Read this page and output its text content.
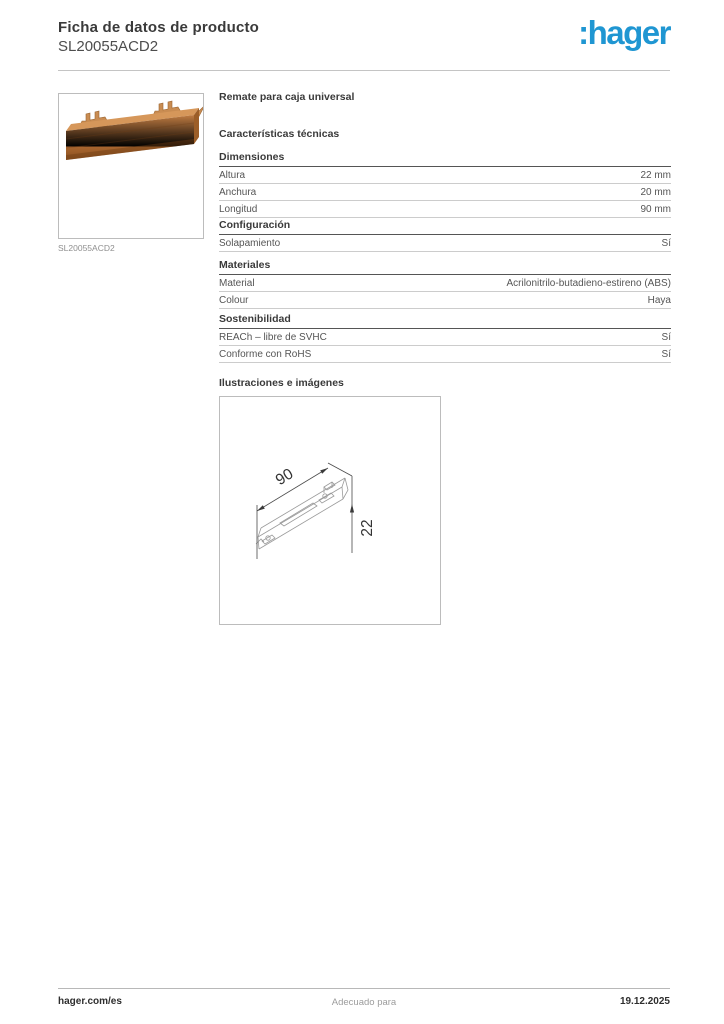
Ficha de datos de producto
SL20055ACD2	:hager
SL20055ACD2
Remate para caja universal
Características técnicas
Dimensiones
Altura	22 mm
Anchura	20 mm
Longitud	90 mm
Configuración
Solapamiento	Sí
Materiales
Material	Acrilonitrilo-butadieno-estireno (ABS)
Colour	Haya
Sostenibilidad
REACh – libre de SVHC	Sí
Conforme con RoHS	Sí
Ilustraciones e imágenes
90
22
hager.com/es	Adecuado para	19.12.2025
